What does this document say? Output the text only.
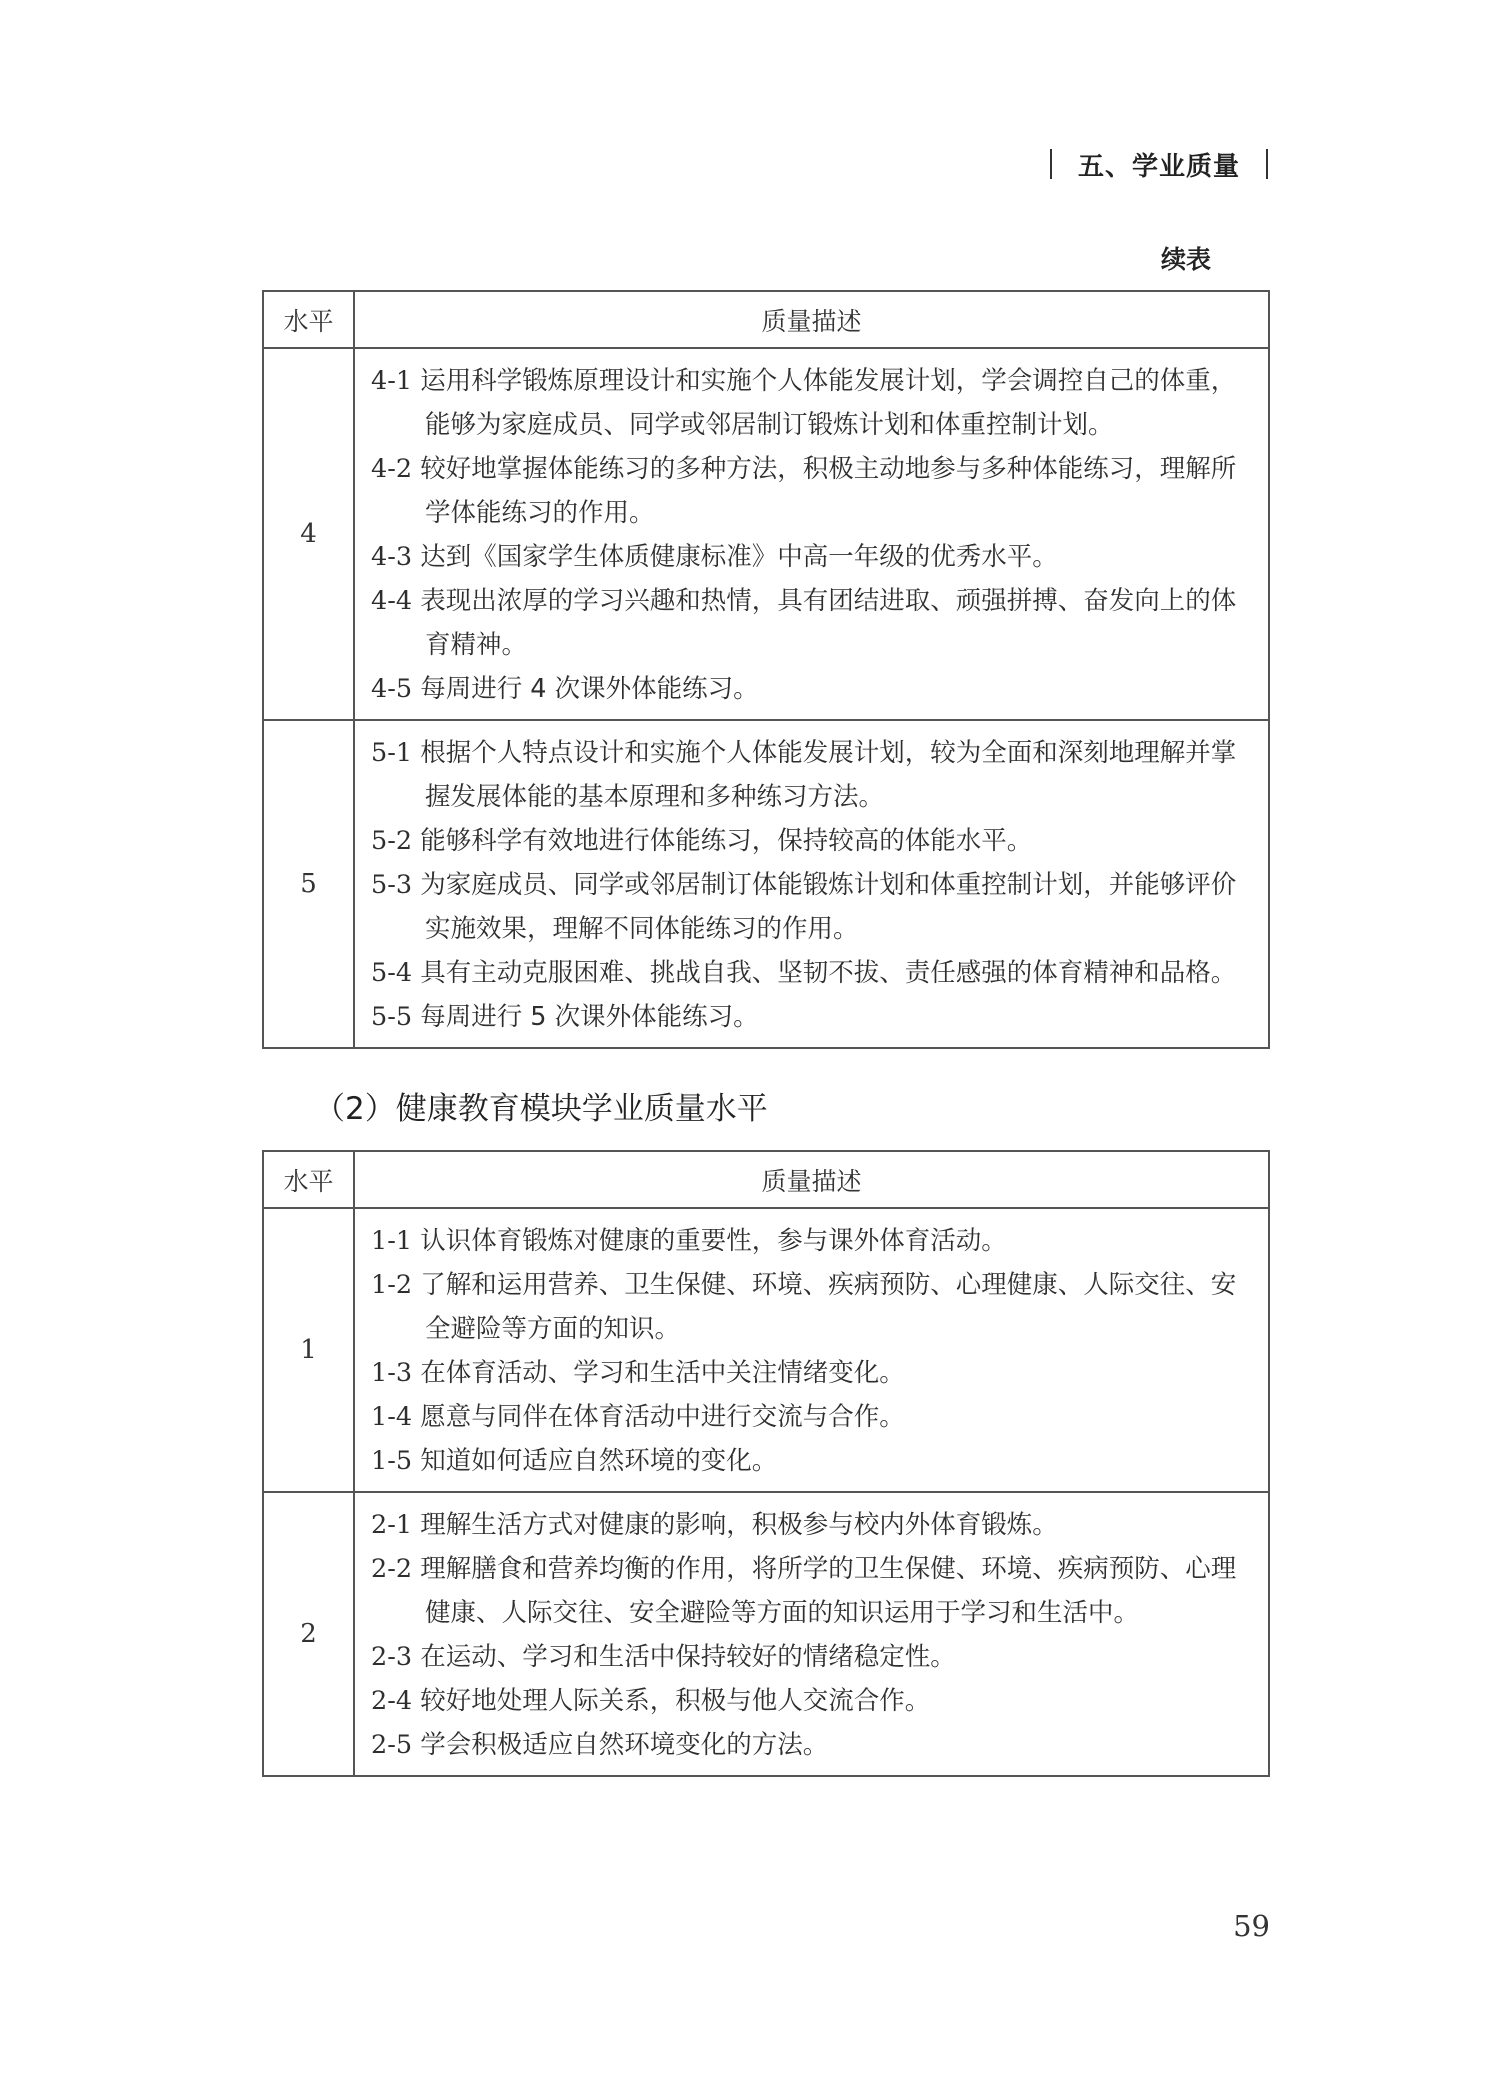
五、学业质量
续表
水平	质量描述
4	4-1 运用科学锻炼原理设计和实施个人体能发展计划，学会调控自己的体重，能够为家庭成员、同学或邻居制订锻炼计划和体重控制计划。
4-2 较好地掌握体能练习的多种方法，积极主动地参与多种体能练习，理解所学体能练习的作用。
4-3 达到《国家学生体质健康标准》中高一年级的优秀水平。
4-4 表现出浓厚的学习兴趣和热情，具有团结进取、顽强拼搏、奋发向上的体育精神。
4-5 每周进行 4 次课外体能练习。

5	5-1 根据个人特点设计和实施个人体能发展计划，较为全面和深刻地理解并掌握发展体能的基本原理和多种练习方法。
5-2 能够科学有效地进行体能练习，保持较高的体能水平。
5-3 为家庭成员、同学或邻居制订体能锻炼计划和体重控制计划，并能够评价实施效果，理解不同体能练习的作用。
5-4 具有主动克服困难、挑战自我、坚韧不拔、责任感强的体育精神和品格。
5-5 每周进行 5 次课外体能练习。
（2）健康教育模块学业质量水平
水平	质量描述
1	1-1 认识体育锻炼对健康的重要性，参与课外体育活动。
1-2 了解和运用营养、卫生保健、环境、疾病预防、心理健康、人际交往、安全避险等方面的知识。
1-3 在体育活动、学习和生活中关注情绪变化。
1-4 愿意与同伴在体育活动中进行交流与合作。
1-5 知道如何适应自然环境的变化。

2	2-1 理解生活方式对健康的影响，积极参与校内外体育锻炼。
2-2 理解膳食和营养均衡的作用，将所学的卫生保健、环境、疾病预防、心理健康、人际交往、安全避险等方面的知识运用于学习和生活中。
2-3 在运动、学习和生活中保持较好的情绪稳定性。
2-4 较好地处理人际关系，积极与他人交流合作。
2-5 学会积极适应自然环境变化的方法。
59
